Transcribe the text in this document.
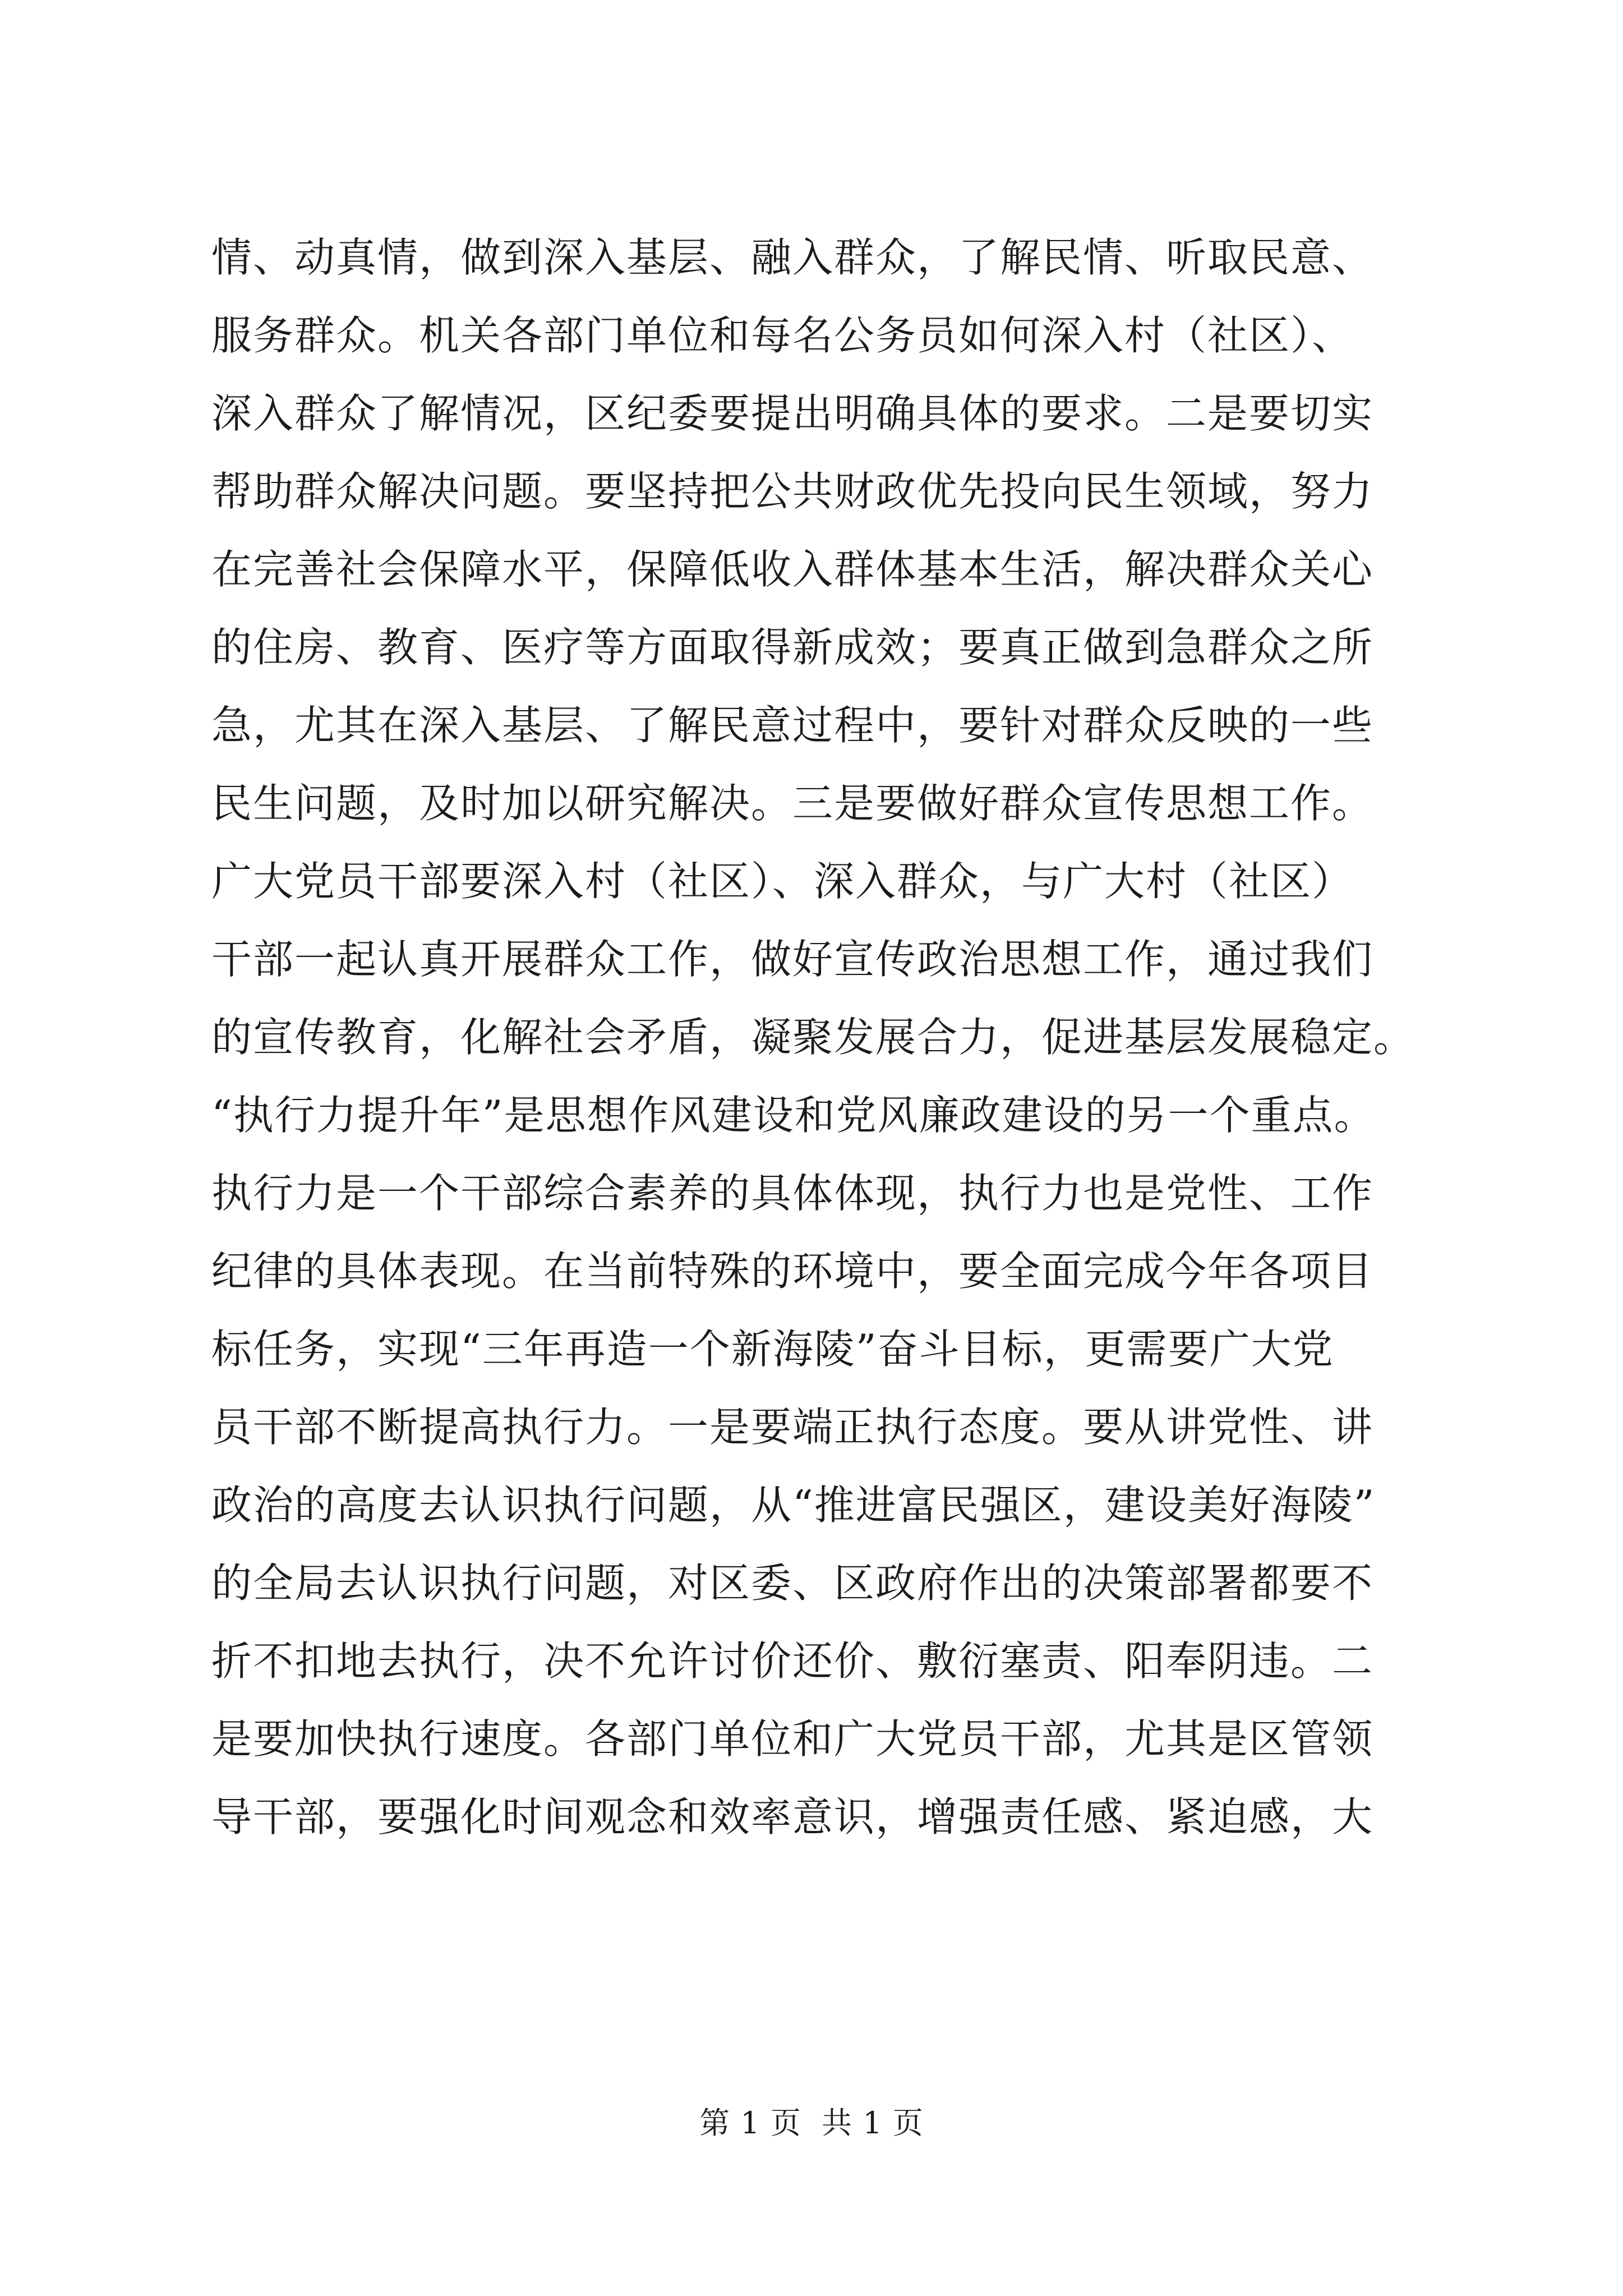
情、动真情，做到深入基层、融入群众，了解民情、听取民意、
服务群众。机关各部门单位和每名公务员如何深入村（社区）、
深入群众了解情况，区纪委要提出明确具体的要求。二是要切实
帮助群众解决问题。要坚持把公共财政优先投向民生领域，努力
在完善社会保障水平，保障低收入群体基本生活，解决群众关心
的住房、教育、医疗等方面取得新成效；要真正做到急群众之所
急，尤其在深入基层、了解民意过程中，要针对群众反映的一些
民生问题，及时加以研究解决。三是要做好群众宣传思想工作。
广大党员干部要深入村（社区）、深入群众，与广大村（社区）
干部一起认真开展群众工作，做好宣传政治思想工作，通过我们
的宣传教育，化解社会矛盾，凝聚发展合力，促进基层发展稳定。
“执行力提升年”是思想作风建设和党风廉政建设的另一个重点。
执行力是一个干部综合素养的具体体现，执行力也是党性、工作
纪律的具体表现。在当前特殊的环境中，要全面完成今年各项目
标任务，实现“三年再造一个新海陵”奋斗目标，更需要广大党
员干部不断提高执行力。一是要端正执行态度。要从讲党性、讲
政治的高度去认识执行问题，从“推进富民强区，建设美好海陵”
的全局去认识执行问题，对区委、区政府作出的决策部署都要不
折不扣地去执行，决不允许讨价还价、敷衍塞责、阳奉阴违。二
是要加快执行速度。各部门单位和广大党员干部，尤其是区管领
导干部，要强化时间观念和效率意识，增强责任感、紧迫感，大
第 1 页  共 1 页
